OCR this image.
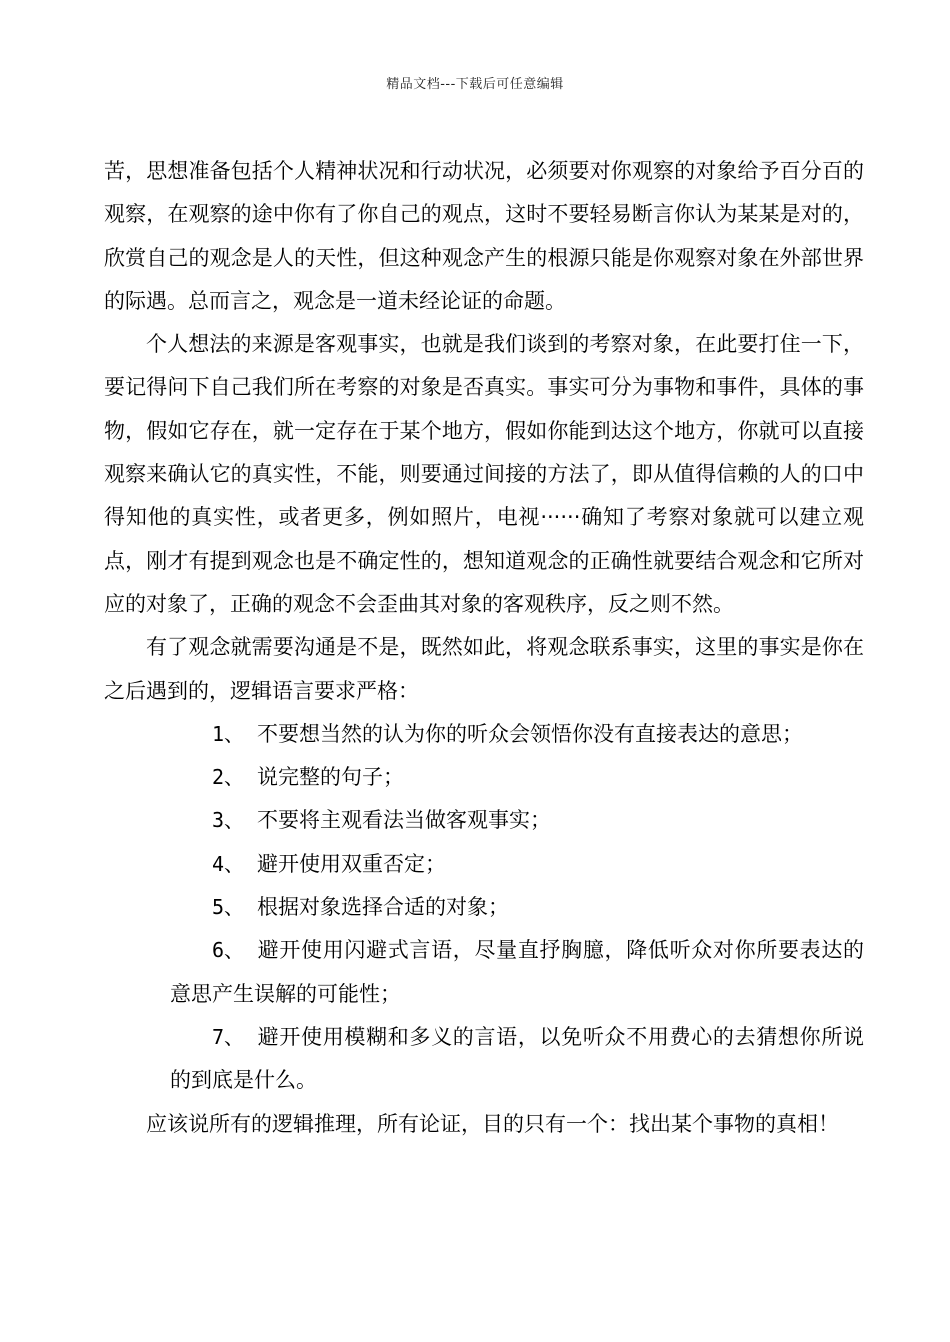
精品文档---下载后可任意编辑

苦，思想准备包括个人精神状况和行动状况，必须要对你观察的对象给予百分百的观察，在观察的途中你有了你自己的观点，这时不要轻易断言你认为某某是对的，欣赏自己的观念是人的天性，但这种观念产生的根源只能是你观察对象在外部世界的际遇。总而言之，观念是一道未经论证的命题。

个人想法的来源是客观事实，也就是我们谈到的考察对象，在此要打住一下，要记得问下自己我们所在考察的对象是否真实。事实可分为事物和事件，具体的事物，假如它存在，就一定存在于某个地方，假如你能到达这个地方，你就可以直接观察来确认它的真实性，不能，则要通过间接的方法了，即从值得信赖的人的口中得知他的真实性，或者更多，例如照片，电视······确知了考察对象就可以建立观点，刚才有提到观念也是不确定性的，想知道观念的正确性就要结合观念和它所对应的对象了，正确的观念不会歪曲其对象的客观秩序，反之则不然。

有了观念就需要沟通是不是，既然如此，将观念联系事实，这里的事实是你在之后遇到的，逻辑语言要求严格：

1、 不要想当然的认为你的听众会领悟你没有直接表达的意思；

2、 说完整的句子；

3、 不要将主观看法当做客观事实；

4、 避开使用双重否定；

5、 根据对象选择合适的对象；

6、 避开使用闪避式言语，尽量直抒胸臆，降低听众对你所要表达的意思产生误解的可能性；

7、 避开使用模糊和多义的言语，以免听众不用费心的去猜想你所说的到底是什么。

应该说所有的逻辑推理，所有论证，目的只有一个：找出某个事物的真相！
